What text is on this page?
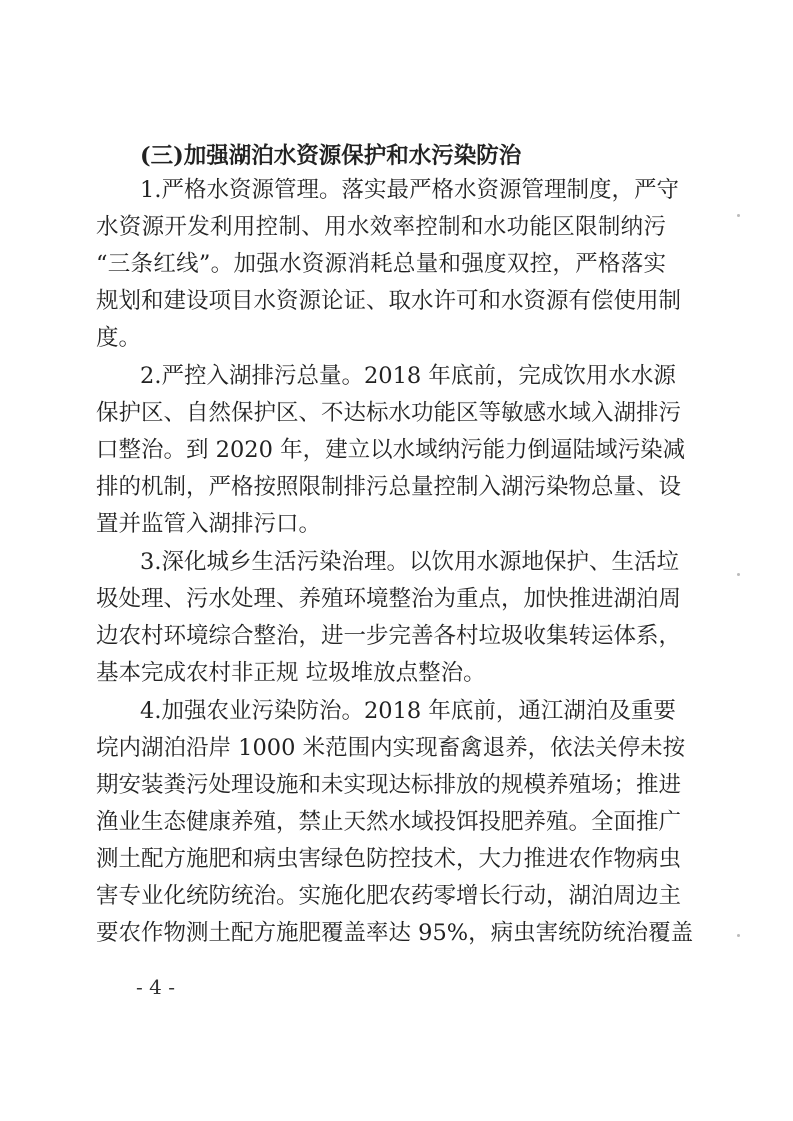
(三)加强湖泊水资源保护和水污染防治
1.严格水资源管理。落实最严格水资源管理制度，严守
水资源开发利用控制、用水效率控制和水功能区限制纳污
“三条红线”。加强水资源消耗总量和强度双控，严格落实
规划和建设项目水资源论证、取水许可和水资源有偿使用制
度。
2.严控入湖排污总量。2018 年底前，完成饮用水水源
保护区、自然保护区、不达标水功能区等敏感水域入湖排污
口整治。到 2020 年，建立以水域纳污能力倒逼陆域污染减
排的机制，严格按照限制排污总量控制入湖污染物总量、设
置并监管入湖排污口。
3.深化城乡生活污染治理。以饮用水源地保护、生活垃
圾处理、污水处理、养殖环境整治为重点，加快推进湖泊周
边农村环境综合整治，进一步完善各村垃圾收集转运体系，
基本完成农村非正规 垃圾堆放点整治。
4.加强农业污染防治。2018 年底前，通江湖泊及重要
垸内湖泊沿岸 1000 米范围内实现畜禽退养，依法关停未按
期安装粪污处理设施和未实现达标排放的规模养殖场；推进
渔业生态健康养殖，禁止天然水域投饵投肥养殖。全面推广
测土配方施肥和病虫害绿色防控技术，大力推进农作物病虫
害专业化统防统治。实施化肥农药零增长行动，湖泊周边主
要农作物测土配方施肥覆盖率达 95%，病虫害统防统治覆盖
- 4 -
